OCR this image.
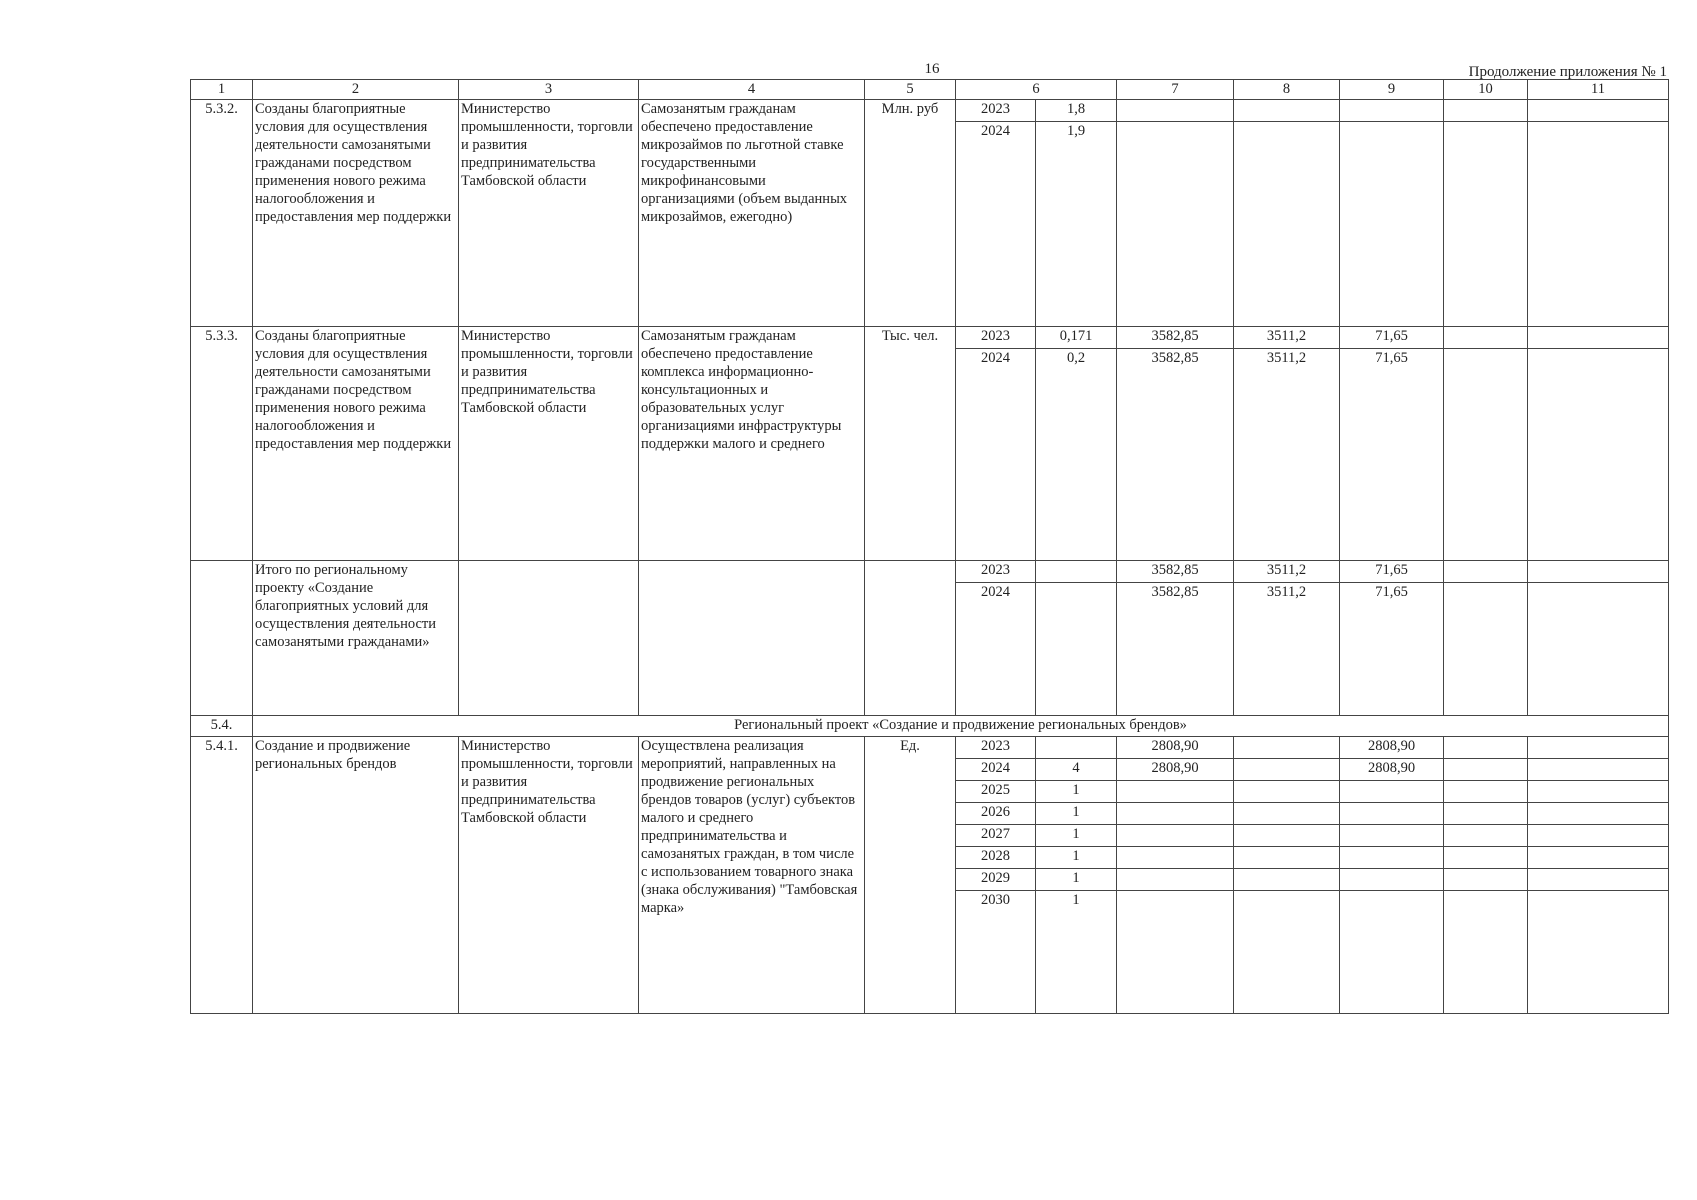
16	Продолжение приложения № 1
1	2	3	4	5	6		7	8	9	10	11
5.3.2.	Созданы благоприятные условия для осуществления деятельности самозанятыми гражданами посредством применения нового режима налогообложения и предоставления мер поддержки	Министерство промышленности, торговли и развития предпринимательства Тамбовской области	Самозанятым гражданам обеспечено предоставление микрозаймов по льготной ставке государственными микрофинансовыми организациями (объем выданных микрозаймов, ежегодно)	Млн. руб	2023	1,8					
					2024	1,9					
5.3.3.	Созданы благоприятные условия для осуществления деятельности самозанятыми гражданами посредством применения нового режима налогообложения и предоставления мер поддержки	Министерство промышленности, торговли и развития предпринимательства Тамбовской области	Самозанятым гражданам обеспечено предоставление комплекса информационно-консультационных и образовательных услуг организациями инфраструктуры поддержки малого и среднего	Тыс. чел.	2023	0,171	3582,85	3511,2	71,65		
					2024	0,2	3582,85	3511,2	71,65		
	Итого по региональному проекту «Создание благоприятных условий для осуществления деятельности самозанятыми гражданами»				2023		3582,85	3511,2	71,65		
					2024		3582,85	3511,2	71,65		
5.4.	Региональный проект «Создание и продвижение региональных брендов»										
5.4.1.	Создание и продвижение региональных брендов	Министерство промышленности, торговли и развития предпринимательства Тамбовской области	Осуществлена реализация мероприятий, направленных на продвижение региональных брендов товаров (услуг) субъектов малого и среднего предпринимательства и самозанятых граждан, в том числе с использованием товарного знака (знака обслуживания) "Тамбовская марка»	Ед.	2023		2808,90		2808,90		
					2024	4	2808,90		2808,90		
					2025	1					
					2026	1					
					2027	1					
					2028	1					
					2029	1					
					2030	1					
